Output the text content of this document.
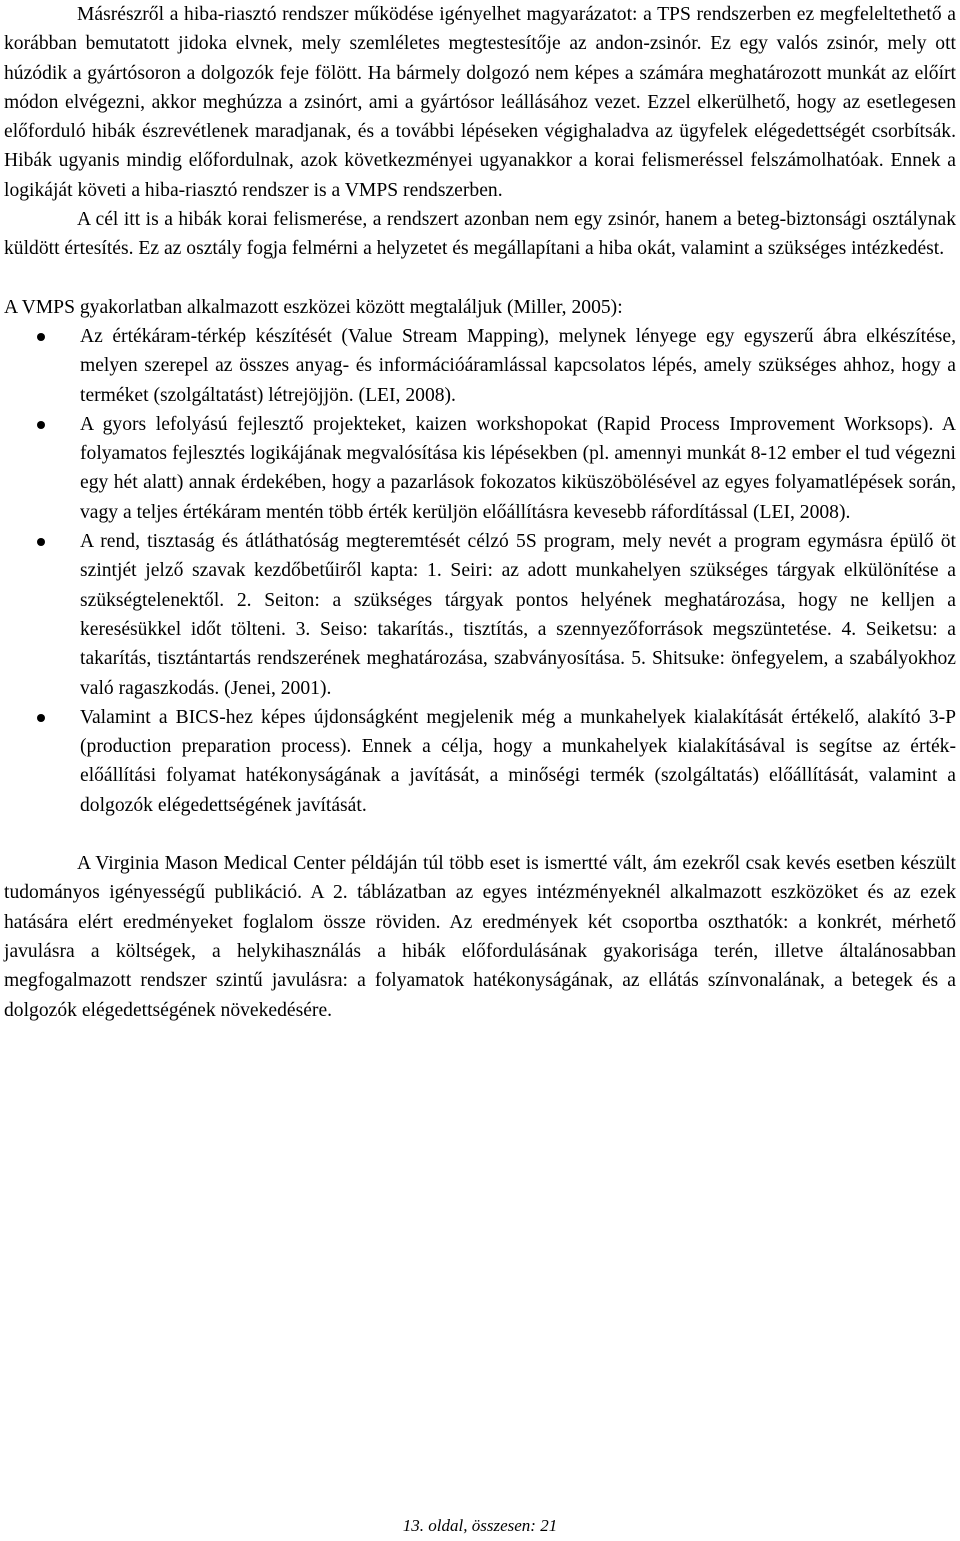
Másrészről a hiba-riasztó rendszer működése igényelhet magyarázatot: a TPS rendszerben ez megfeleltethető a korábban bemutatott jidoka elvnek, mely szemléletes megtestesítője az andon-zsinór. Ez egy valós zsinór, mely ott húzódik a gyártósoron a dolgozók feje fölött. Ha bármely dolgozó nem képes a számára meghatározott munkát az előírt módon elvégezni, akkor meghúzza a zsinórt, ami a gyártósor leállásához vezet. Ezzel elkerülhető, hogy az esetlegesen előforduló hibák észrevétlenek maradjanak, és a további lépéseken végighaladva az ügyfelek elégedettségét csorbítsák. Hibák ugyanis mindig előfordulnak, azok következményei ugyanakkor a korai felismeréssel felszámolhatóak. Ennek a logikáját követi a hiba-riasztó rendszer is a VMPS rendszerben.

A cél itt is a hibák korai felismerése, a rendszert azonban nem egy zsinór, hanem a beteg-biztonsági osztálynak küldött értesítés. Ez az osztály fogja felmérni a helyzetet és megállapítani a hiba okát, valamint a szükséges intézkedést.

A VMPS gyakorlatban alkalmazott eszközei között megtaláljuk (Miller, 2005):

Az értékáram-térkép készítését (Value Stream Mapping), melynek lényege egy egyszerű ábra elkészítése, melyen szerepel az összes anyag- és információáramlással kapcsolatos lépés, amely szükséges ahhoz, hogy a terméket (szolgáltatást) létrejöjjön. (LEI, 2008).
A gyors lefolyású fejlesztő projekteket, kaizen workshopokat (Rapid Process Improvement Worksops). A folyamatos fejlesztés logikájának megvalósítása kis lépésekben (pl. amennyi munkát 8-12 ember el tud végezni egy hét alatt) annak érdekében, hogy a pazarlások fokozatos kiküszöbölésével az egyes folyamatlépések során, vagy a teljes értékáram mentén több érték kerüljön előállításra kevesebb ráfordítással (LEI, 2008).
A rend, tisztaság és átláthatóság megteremtését célzó 5S program, mely nevét a program egymásra épülő öt szintjét jelző szavak kezdőbetűiről kapta: 1. Seiri: az adott munkahelyen szükséges tárgyak elkülönítése a szükségtelenektől. 2. Seiton: a szükséges tárgyak pontos helyének meghatározása, hogy ne kelljen a keresésükkel időt tölteni. 3. Seiso: takarítás., tisztítás, a szennyezőforrások megszüntetése. 4. Seiketsu: a takarítás, tisztántartás rendszerének meghatározása, szabványosítása. 5. Shitsuke: önfegyelem, a szabályokhoz való ragaszkodás. (Jenei, 2001).
Valamint a BICS-hez képes újdonságként megjelenik még a munkahelyek kialakítását értékelő, alakító 3-P (production preparation process). Ennek a célja, hogy a munkahelyek kialakításával is segítse az érték-előállítási folyamat hatékonyságának a javítását, a minőségi termék (szolgáltatás) előállítását, valamint a dolgozók elégedettségének javítását.

A Virginia Mason Medical Center példáján túl több eset is ismertté vált, ám ezekről csak kevés esetben készült tudományos igényességű publikáció. A 2. táblázatban az egyes intézményeknél alkalmazott eszközöket és az ezek hatására elért eredményeket foglalom össze röviden. Az eredmények két csoportba oszthatók: a konkrét, mérhető javulásra a költségek, a helykihasználás a hibák előfordulásának gyakorisága terén, illetve általánosabban megfogalmazott rendszer szintű javulásra: a folyamatok hatékonyságának, az ellátás színvonalának, a betegek és a dolgozók elégedettségének növekedésére.

13. oldal, összesen: 21
